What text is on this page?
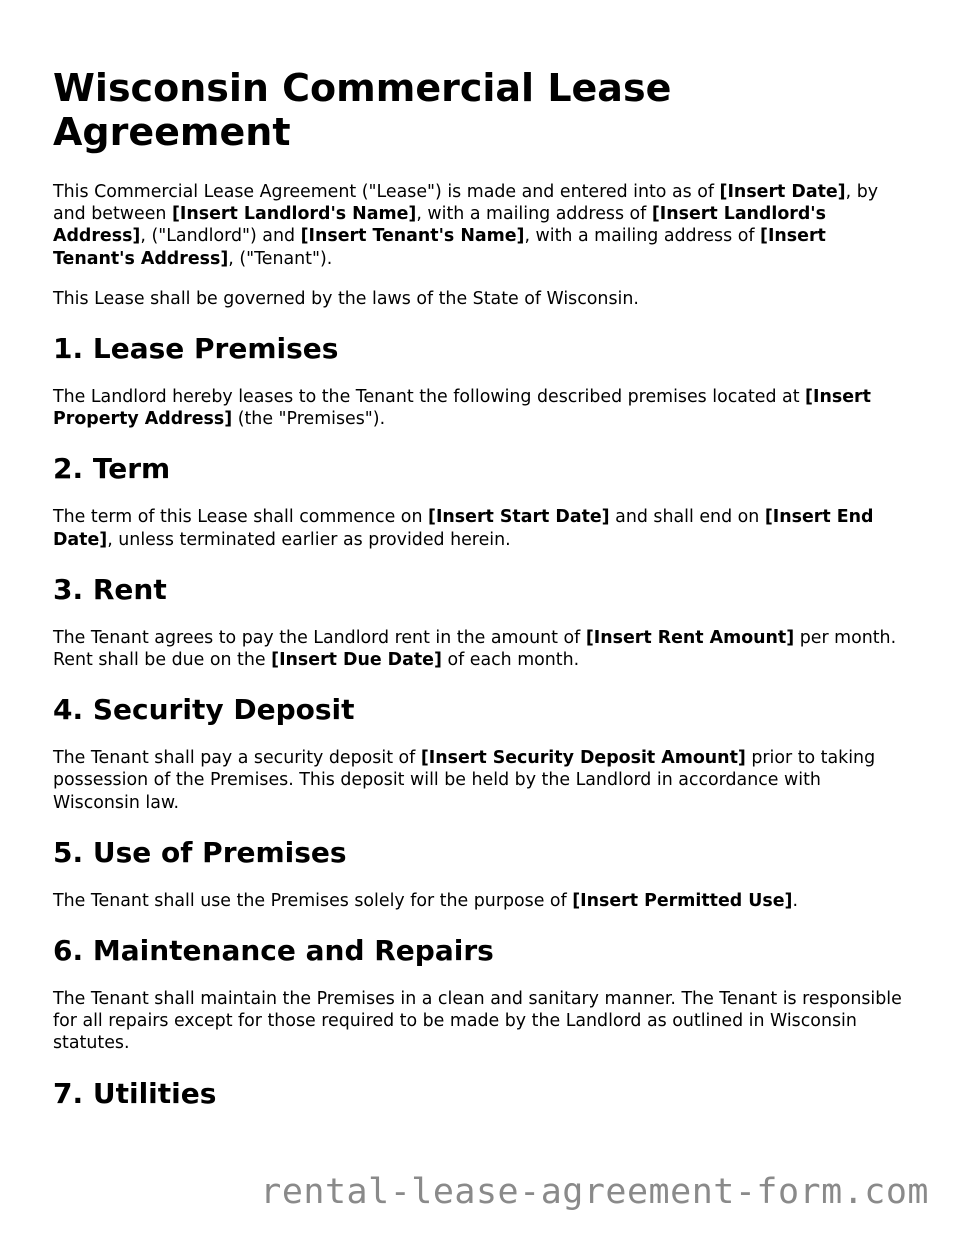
Wisconsin Commercial Lease Agreement

This Commercial Lease Agreement ("Lease") is made and entered into as of [Insert Date], by and between [Insert Landlord's Name], with a mailing address of [Insert Landlord's Address], ("Landlord") and [Insert Tenant's Name], with a mailing address of [Insert Tenant's Address], ("Tenant").

This Lease shall be governed by the laws of the State of Wisconsin.

1. Lease Premises

The Landlord hereby leases to the Tenant the following described premises located at [Insert Property Address] (the "Premises").

2. Term

The term of this Lease shall commence on [Insert Start Date] and shall end on [Insert End Date], unless terminated earlier as provided herein.

3. Rent

The Tenant agrees to pay the Landlord rent in the amount of [Insert Rent Amount] per month. Rent shall be due on the [Insert Due Date] of each month.

4. Security Deposit

The Tenant shall pay a security deposit of [Insert Security Deposit Amount] prior to taking possession of the Premises. This deposit will be held by the Landlord in accordance with Wisconsin law.

5. Use of Premises

The Tenant shall use the Premises solely for the purpose of [Insert Permitted Use].

6. Maintenance and Repairs

The Tenant shall maintain the Premises in a clean and sanitary manner. The Tenant is responsible for all repairs except for those required to be made by the Landlord as outlined in Wisconsin statutes.

7. Utilities
rental-lease-agreement-form.com
